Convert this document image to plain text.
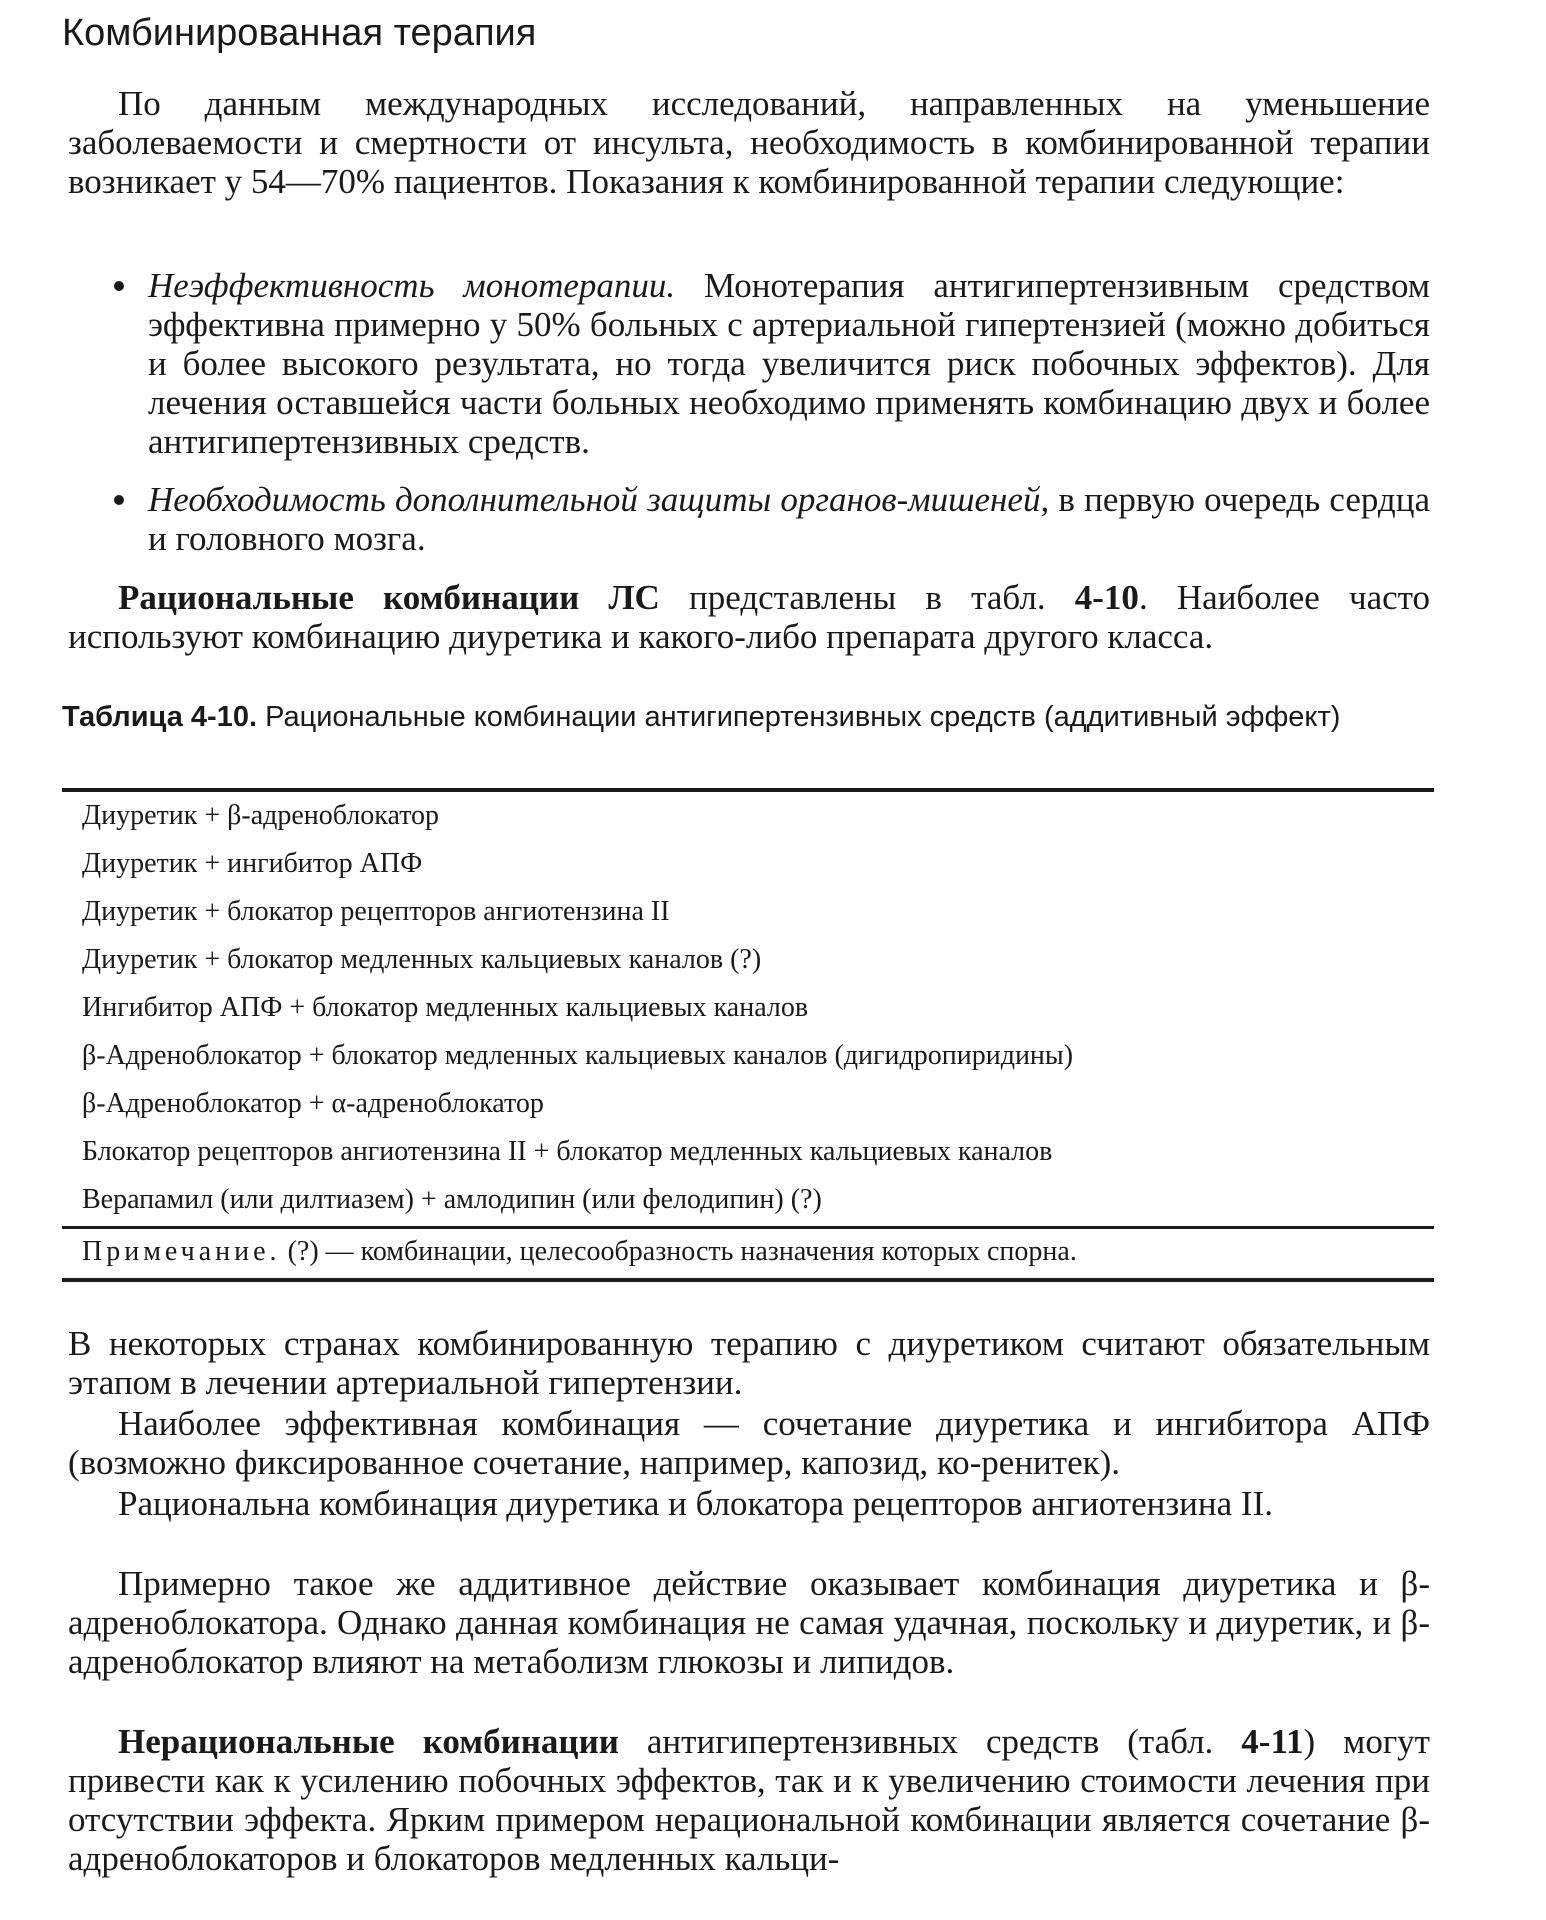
Комбинированная терапия

По данным международных исследований, направленных на уменьшение заболеваемости и смертности от инсульта, необходимость в комбинированной терапии возникает у 54—70% пациентов. Показания к комбинированной терапии следующие:

Неэффективность монотерапии. Монотерапия антигипертензивным средством эффективна примерно у 50% больных с артериальной гипертензией (можно добиться и более высокого результата, но тогда увеличится риск побочных эффектов). Для лечения оставшейся части больных необходимо применять комбинацию двух и более антигипертензивных средств.

Необходимость дополнительной защиты органов-мишеней, в первую очередь сердца и головного мозга.

Рациональные комбинации ЛС представлены в табл. 4-10. Наиболее часто используют комбинацию диуретика и какого-либо препарата другого класса.

Таблица 4-10. Рациональные комбинации антигипертензивных средств (аддитивный эффект)

Диуретик + β-адреноблокатор
Диуретик + ингибитор АПФ
Диуретик + блокатор рецепторов ангиотензина II
Диуретик + блокатор медленных кальциевых каналов (?)
Ингибитор АПФ + блокатор медленных кальциевых каналов
β-Адреноблокатор + блокатор медленных кальциевых каналов (дигидропиридины)
β-Адреноблокатор + α-адреноблокатор
Блокатор рецепторов ангиотензина II + блокатор медленных кальциевых каналов
Верапамил (или дилтиазем) + амлодипин (или фелодипин) (?)
Примечание. (?) — комбинации, целесообразность назначения которых спорна.

В некоторых странах комбинированную терапию с диуретиком считают обязательным этапом в лечении артериальной гипертензии.

Наиболее эффективная комбинация — сочетание диуретика и ингибитора АПФ (возможно фиксированное сочетание, например, капозид, ко-ренитек).

Рациональна комбинация диуретика и блокатора рецепторов ангиотензина II.

Примерно такое же аддитивное действие оказывает комбинация диуретика и β-адреноблокатора. Однако данная комбинация не самая удачная, поскольку и диуретик, и β-адреноблокатор влияют на метаболизм глюкозы и липидов.

Нерациональные комбинации антигипертензивных средств (табл. 4-11) могут привести как к усилению побочных эффектов, так и к увеличению стоимости лечения при отсутствии эффекта. Ярким примером нерациональной комбинации является сочетание β-адреноблокаторов и блокаторов медленных кальци-
